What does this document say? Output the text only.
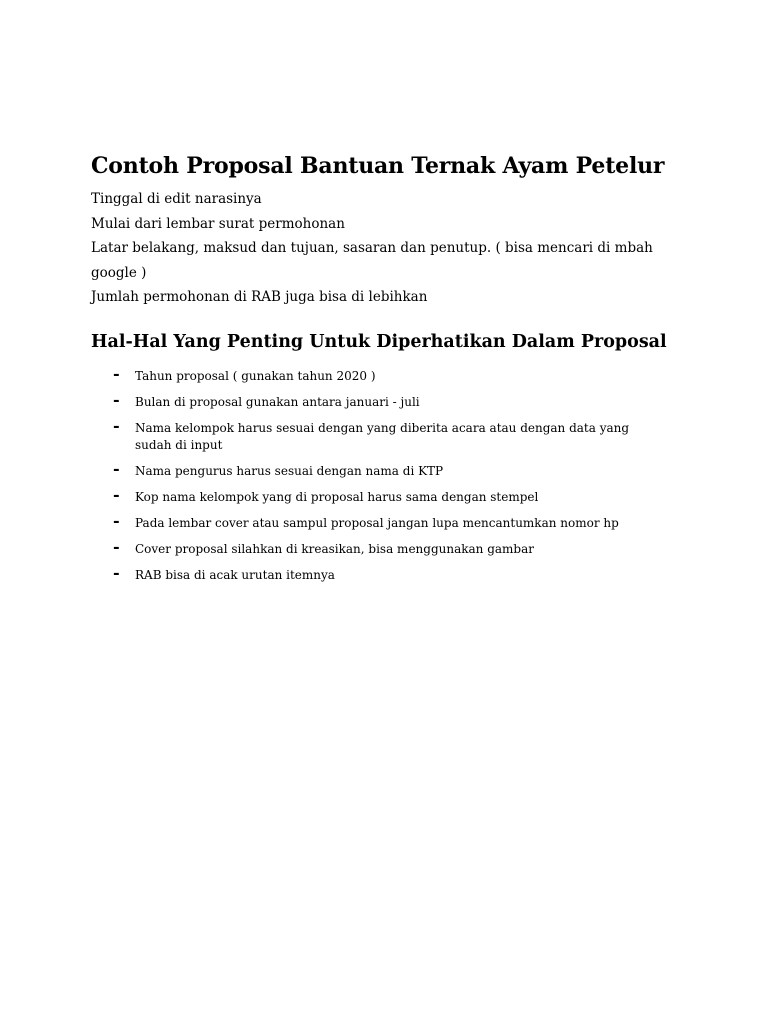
Contoh Proposal Bantuan Ternak Ayam Petelur
Tinggal di edit narasinya
Mulai dari lembar surat permohonan
Latar belakang, maksud dan tujuan, sasaran dan penutup. ( bisa mencari di mbah
google )
Jumlah permohonan di RAB juga bisa di lebihkan
Hal-Hal Yang Penting Untuk Diperhatikan Dalam Proposal
- Tahun proposal ( gunakan tahun 2020 )
- Bulan di proposal gunakan antara januari - juli
- Nama kelompok harus sesuai dengan yang diberita acara atau dengan data yang sudah di input
- Nama pengurus harus sesuai dengan nama di KTP
- Kop nama kelompok yang di proposal harus sama dengan stempel
- Pada lembar cover atau sampul proposal jangan lupa mencantumkan nomor hp
- Cover proposal silahkan di kreasikan, bisa menggunakan gambar
- RAB bisa di acak urutan itemnya
